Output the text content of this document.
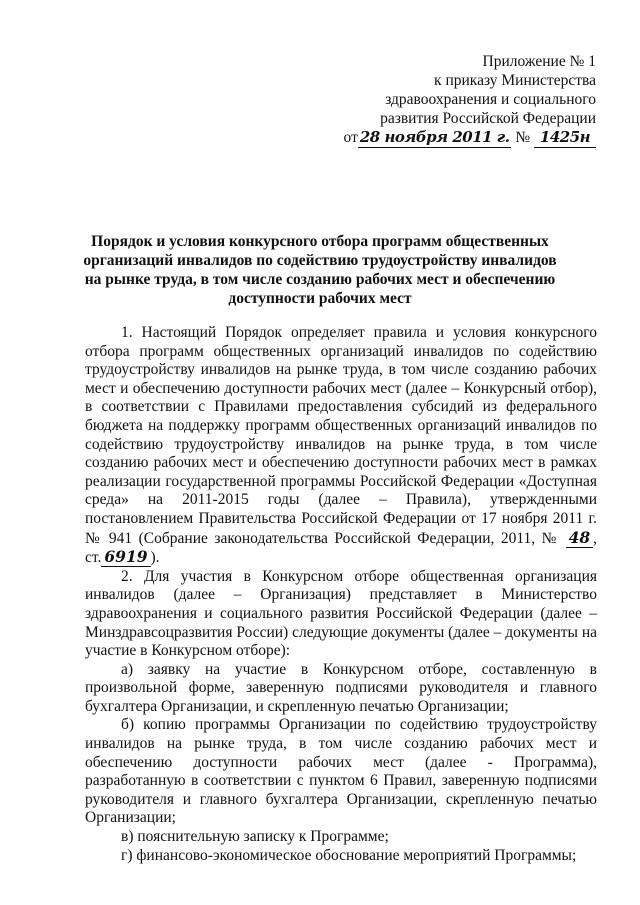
Приложение № 1
к приказу Министерства
здравоохранения и социального
развития Российской Федерации
от 28 ноября 2011 г. № 1425н
Порядок и условия конкурсного отбора программ общественных организаций инвалидов по содействию трудоустройству инвалидов на рынке труда, в том числе созданию рабочих мест и обеспечению доступности рабочих мест

1. Настоящий Порядок определяет правила и условия конкурсного отбора программ общественных организаций инвалидов по содействию трудоустройству инвалидов на рынке труда, в том числе созданию рабочих мест и обеспечению доступности рабочих мест (далее – Конкурсный отбор), в соответствии с Правилами предоставления субсидий из федерального бюджета на поддержку программ общественных организаций инвалидов по содействию трудоустройству инвалидов на рынке труда, в том числе созданию рабочих мест и обеспечению доступности рабочих мест в рамках реализации государственной программы Российской Федерации «Доступная среда» на 2011-2015 годы (далее – Правила), утвержденными постановлением Правительства Российской Федерации от 17 ноября 2011 г. № 941 (Собрание законодательства Российской Федерации, 2011, № 48 , ст. 6919 ).

2. Для участия в Конкурсном отборе общественная организация инвалидов (далее – Организация) представляет в Министерство здравоохранения и социального развития Российской Федерации (далее – Минздравсоцразвития России) следующие документы (далее – документы на участие в Конкурсном отборе):

а) заявку на участие в Конкурсном отборе, составленную в произвольной форме, заверенную подписями руководителя и главного бухгалтера Организации, и скрепленную печатью Организации;

б) копию программы Организации по содействию трудоустройству инвалидов на рынке труда, в том числе созданию рабочих мест и обеспечению доступности рабочих мест (далее - Программа), разработанную в соответствии с пунктом 6 Правил, заверенную подписями руководителя и главного бухгалтера Организации, скрепленную печатью Организации;

в) пояснительную записку к Программе;

г) финансово-экономическое обоснование мероприятий Программы;
